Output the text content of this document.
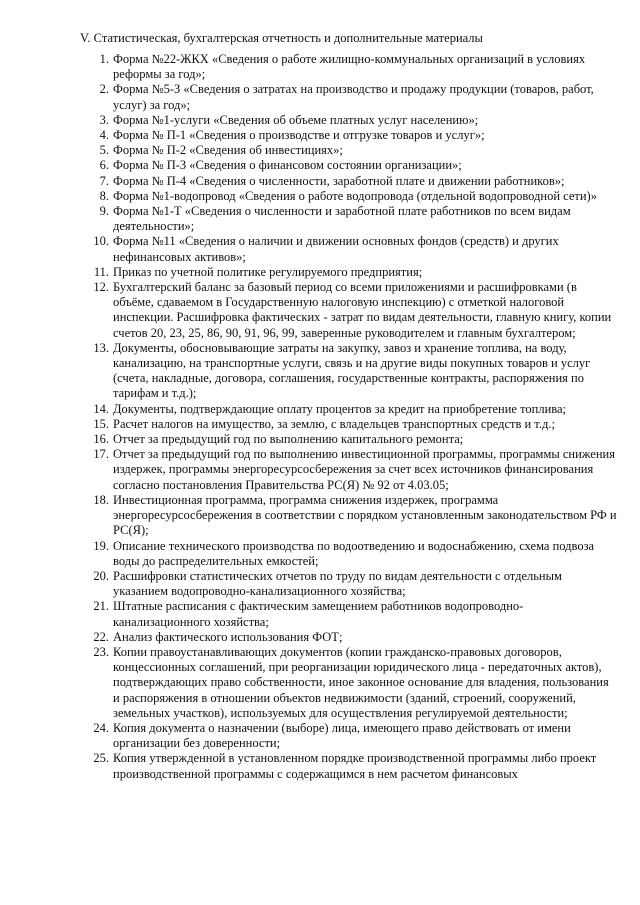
V. Статистическая, бухгалтерская отчетность и дополнительные материалы
1. Форма №22-ЖКХ «Сведения о работе жилищно-коммунальных организаций в условиях реформы за год»;
2. Форма №5-З «Сведения о затратах на производство и продажу продукции (товаров, работ, услуг) за год»;
3. Форма №1-услуги «Сведения об объеме платных услуг населению»;
4. Форма № П-1 «Сведения о производстве и отгрузке товаров и услуг»;
5. Форма № П-2 «Сведения об инвестициях»;
6. Форма № П-3 «Сведения о финансовом состоянии организации»;
7. Форма № П-4 «Сведения о численности, заработной плате и движении работников»;
8. Форма №1-водопровод «Сведения о работе водопровода (отдельной водопроводной сети)»
9. Форма №1-Т «Сведения о численности и заработной плате работников по всем видам деятельности»;
10. Форма №11 «Сведения о наличии и движении основных фондов (средств) и других нефинансовых активов»;
11. Приказ по учетной политике регулируемого предприятия;
12. Бухгалтерский баланс за базовый период со всеми приложениями и расшифровками (в объёме, сдаваемом в Государственную налоговую инспекцию) с отметкой налоговой инспекции. Расшифровка фактических - затрат по видам деятельности, главную книгу, копии счетов 20, 23, 25, 86, 90, 91, 96, 99, заверенные руководителем и главным бухгалтером;
13. Документы, обосновывающие затраты на закупку, завоз и хранение топлива, на воду, канализацию, на транспортные услуги, связь и на другие виды покупных товаров и услуг (счета, накладные, договора, соглашения, государственные контракты, распоряжения по тарифам и т.д.);
14. Документы, подтверждающие оплату процентов за кредит на приобретение топлива;
15. Расчет налогов на имущество, за землю, с владельцев транспортных средств и т.д.;
16. Отчет за предыдущий год по выполнению капитального ремонта;
17. Отчет за предыдущий год по выполнению инвестиционной программы, программы снижения издержек, программы энергоресурсосбережения за счет всех источников финансирования согласно постановления Правительства РС(Я) № 92 от 4.03.05;
18. Инвестиционная программа, программа снижения издержек, программа энергоресурсосбережения в соответствии с порядком установленным законодательством РФ и РС(Я);
19. Описание технического производства по водоотведению и водоснабжению, схема подвоза воды до распределительных емкостей;
20. Расшифровки статистических отчетов по труду по видам деятельности с отдельным указанием водопроводно-канализационного хозяйства;
21. Штатные расписания с фактическим замещением работников водопроводно-канализационного хозяйства;
22. Анализ фактического использования ФОТ;
23. Копии правоустанавливающих документов (копии гражданско-правовых договоров, концессионных соглашений, при реорганизации юридического лица - передаточных актов), подтверждающих право собственности, иное законное основание для владения, пользования и распоряжения в отношении объектов недвижимости (зданий, строений, сооружений, земельных участков), используемых для осуществления регулируемой деятельности;
24. Копия документа о назначении (выборе) лица, имеющего право действовать от имени организации без доверенности;
25. Копия утвержденной в установленном порядке производственной программы либо проект производственной программы с содержащимся в нем расчетом финансовых
